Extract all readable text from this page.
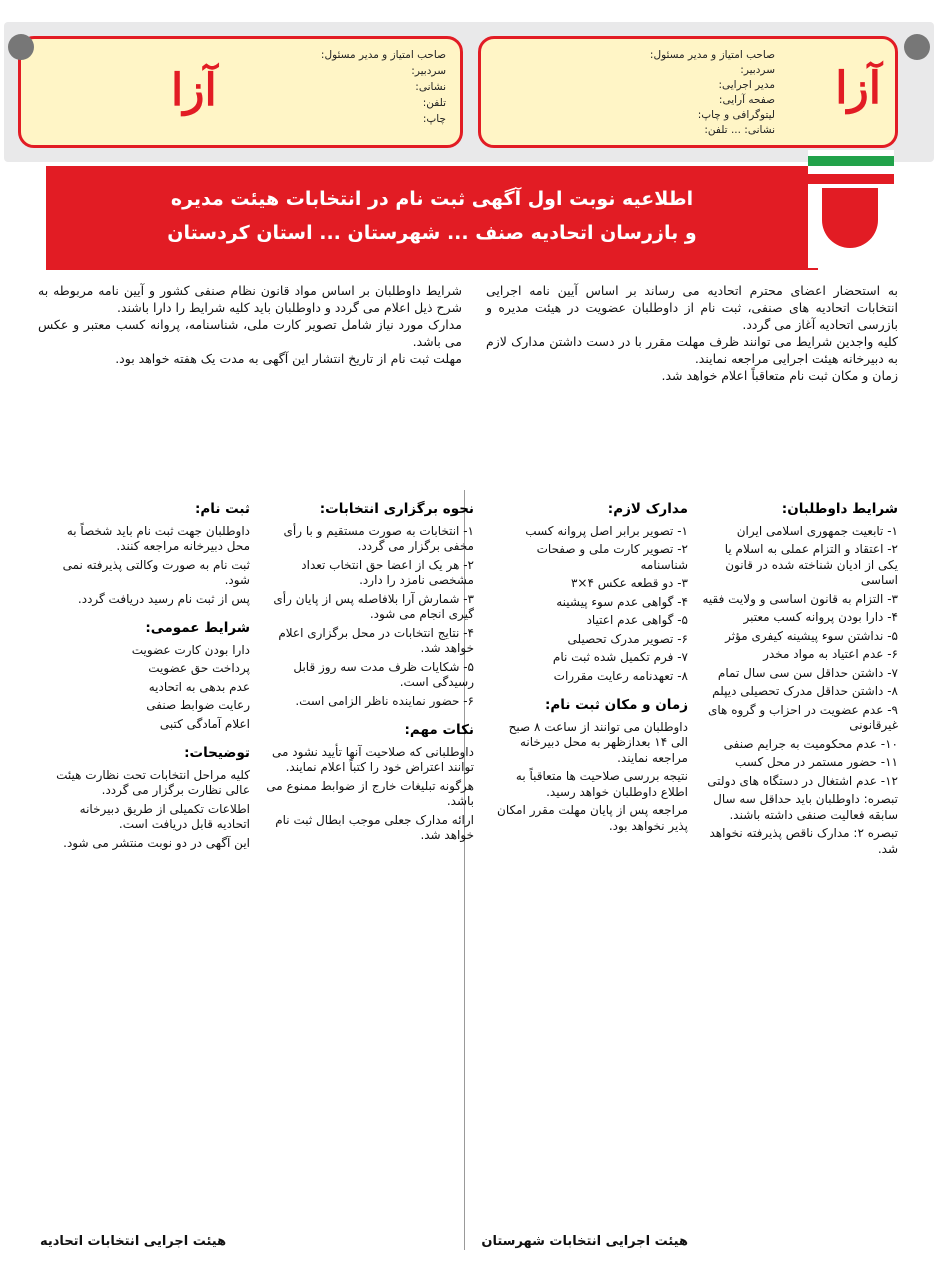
آزا
صاحب امتیاز و مدیر مسئول:
سردبیر:
مدیر اجرایی:
صفحه آرایی:
لیتوگرافی و چاپ:
نشانی: ... تلفن:
آزا
صاحب امتیاز و مدیر مسئول:
سردبیر:
نشانی:
تلفن:
چاپ:
اطلاعیه نوبت اول آگهی ثبت نام در انتخابات هیئت مدیره
و بازرسان اتحادیه صنف ... شهرستان ... استان کردستان

به استحضار اعضای محترم اتحادیه می رساند بر اساس آیین نامه اجرایی انتخابات اتحادیه های صنفی، ثبت نام از داوطلبان عضویت در هیئت مدیره و بازرسی اتحادیه آغاز می گردد.

کلیه واجدین شرایط می توانند ظرف مهلت مقرر با در دست داشتن مدارک لازم به دبیرخانه هیئت اجرایی مراجعه نمایند.

زمان و مکان ثبت نام متعاقباً اعلام خواهد شد.

شرایط داوطلبان بر اساس مواد قانون نظام صنفی کشور و آیین نامه مربوطه به شرح ذیل اعلام می گردد و داوطلبان باید کلیه شرایط را دارا باشند.

مدارک مورد نیاز شامل تصویر کارت ملی، شناسنامه، پروانه کسب معتبر و عکس می باشد.

مهلت ثبت نام از تاریخ انتشار این آگهی به مدت یک هفته خواهد بود.

شرایط داوطلبان:
۱- تابعیت جمهوری اسلامی ایران
۲- اعتقاد و التزام عملی به اسلام یا یکی از ادیان شناخته شده در قانون اساسی
۳- التزام به قانون اساسی و ولایت فقیه
۴- دارا بودن پروانه کسب معتبر
۵- نداشتن سوء پیشینه کیفری مؤثر
۶- عدم اعتیاد به مواد مخدر
۷- داشتن حداقل سن سی سال تمام
۸- داشتن حداقل مدرک تحصیلی دیپلم
۹- عدم عضویت در احزاب و گروه های غیرقانونی
۱۰- عدم محکومیت به جرایم صنفی
۱۱- حضور مستمر در محل کسب
۱۲- عدم اشتغال در دستگاه های دولتی
تبصره: داوطلبان باید حداقل سه سال سابقه فعالیت صنفی داشته باشند.
تبصره ۲: مدارک ناقص پذیرفته نخواهد شد.
مدارک لازم:
۱- تصویر برابر اصل پروانه کسب
۲- تصویر کارت ملی و صفحات شناسنامه
۳- دو قطعه عکس ۴×۳
۴- گواهی عدم سوء پیشینه
۵- گواهی عدم اعتیاد
۶- تصویر مدرک تحصیلی
۷- فرم تکمیل شده ثبت نام
۸- تعهدنامه رعایت مقررات
زمان و مکان ثبت نام:
داوطلبان می توانند از ساعت ۸ صبح الی ۱۴ بعدازظهر به محل دبیرخانه مراجعه نمایند.
نتیجه بررسی صلاحیت ها متعاقباً به اطلاع داوطلبان خواهد رسید.
مراجعه پس از پایان مهلت مقرر امکان پذیر نخواهد بود.
نحوه برگزاری انتخابات:
۱- انتخابات به صورت مستقیم و با رأی مخفی برگزار می گردد.
۲- هر یک از اعضا حق انتخاب تعداد مشخصی نامزد را دارد.
۳- شمارش آرا بلافاصله پس از پایان رأی گیری انجام می شود.
۴- نتایج انتخابات در محل برگزاری اعلام خواهد شد.
۵- شکایات ظرف مدت سه روز قابل رسیدگی است.
۶- حضور نماینده ناظر الزامی است.
نکات مهم:
داوطلبانی که صلاحیت آنها تأیید نشود می توانند اعتراض خود را کتباً اعلام نمایند.
هرگونه تبلیغات خارج از ضوابط ممنوع می باشد.
ارائه مدارک جعلی موجب ابطال ثبت نام خواهد شد.
ثبت نام:
داوطلبان جهت ثبت نام باید شخصاً به محل دبیرخانه مراجعه کنند.
ثبت نام به صورت وکالتی پذیرفته نمی شود.
پس از ثبت نام رسید دریافت گردد.
شرایط عمومی:
دارا بودن کارت عضویت
پرداخت حق عضویت
عدم بدهی به اتحادیه
رعایت ضوابط صنفی
اعلام آمادگی کتبی
توضیحات:
کلیه مراحل انتخابات تحت نظارت هیئت عالی نظارت برگزار می گردد.
اطلاعات تکمیلی از طریق دبیرخانه اتحادیه قابل دریافت است.
این آگهی در دو نوبت منتشر می شود.
هیئت اجرایی انتخابات اتحادیه	هیئت اجرایی انتخابات شهرستان
